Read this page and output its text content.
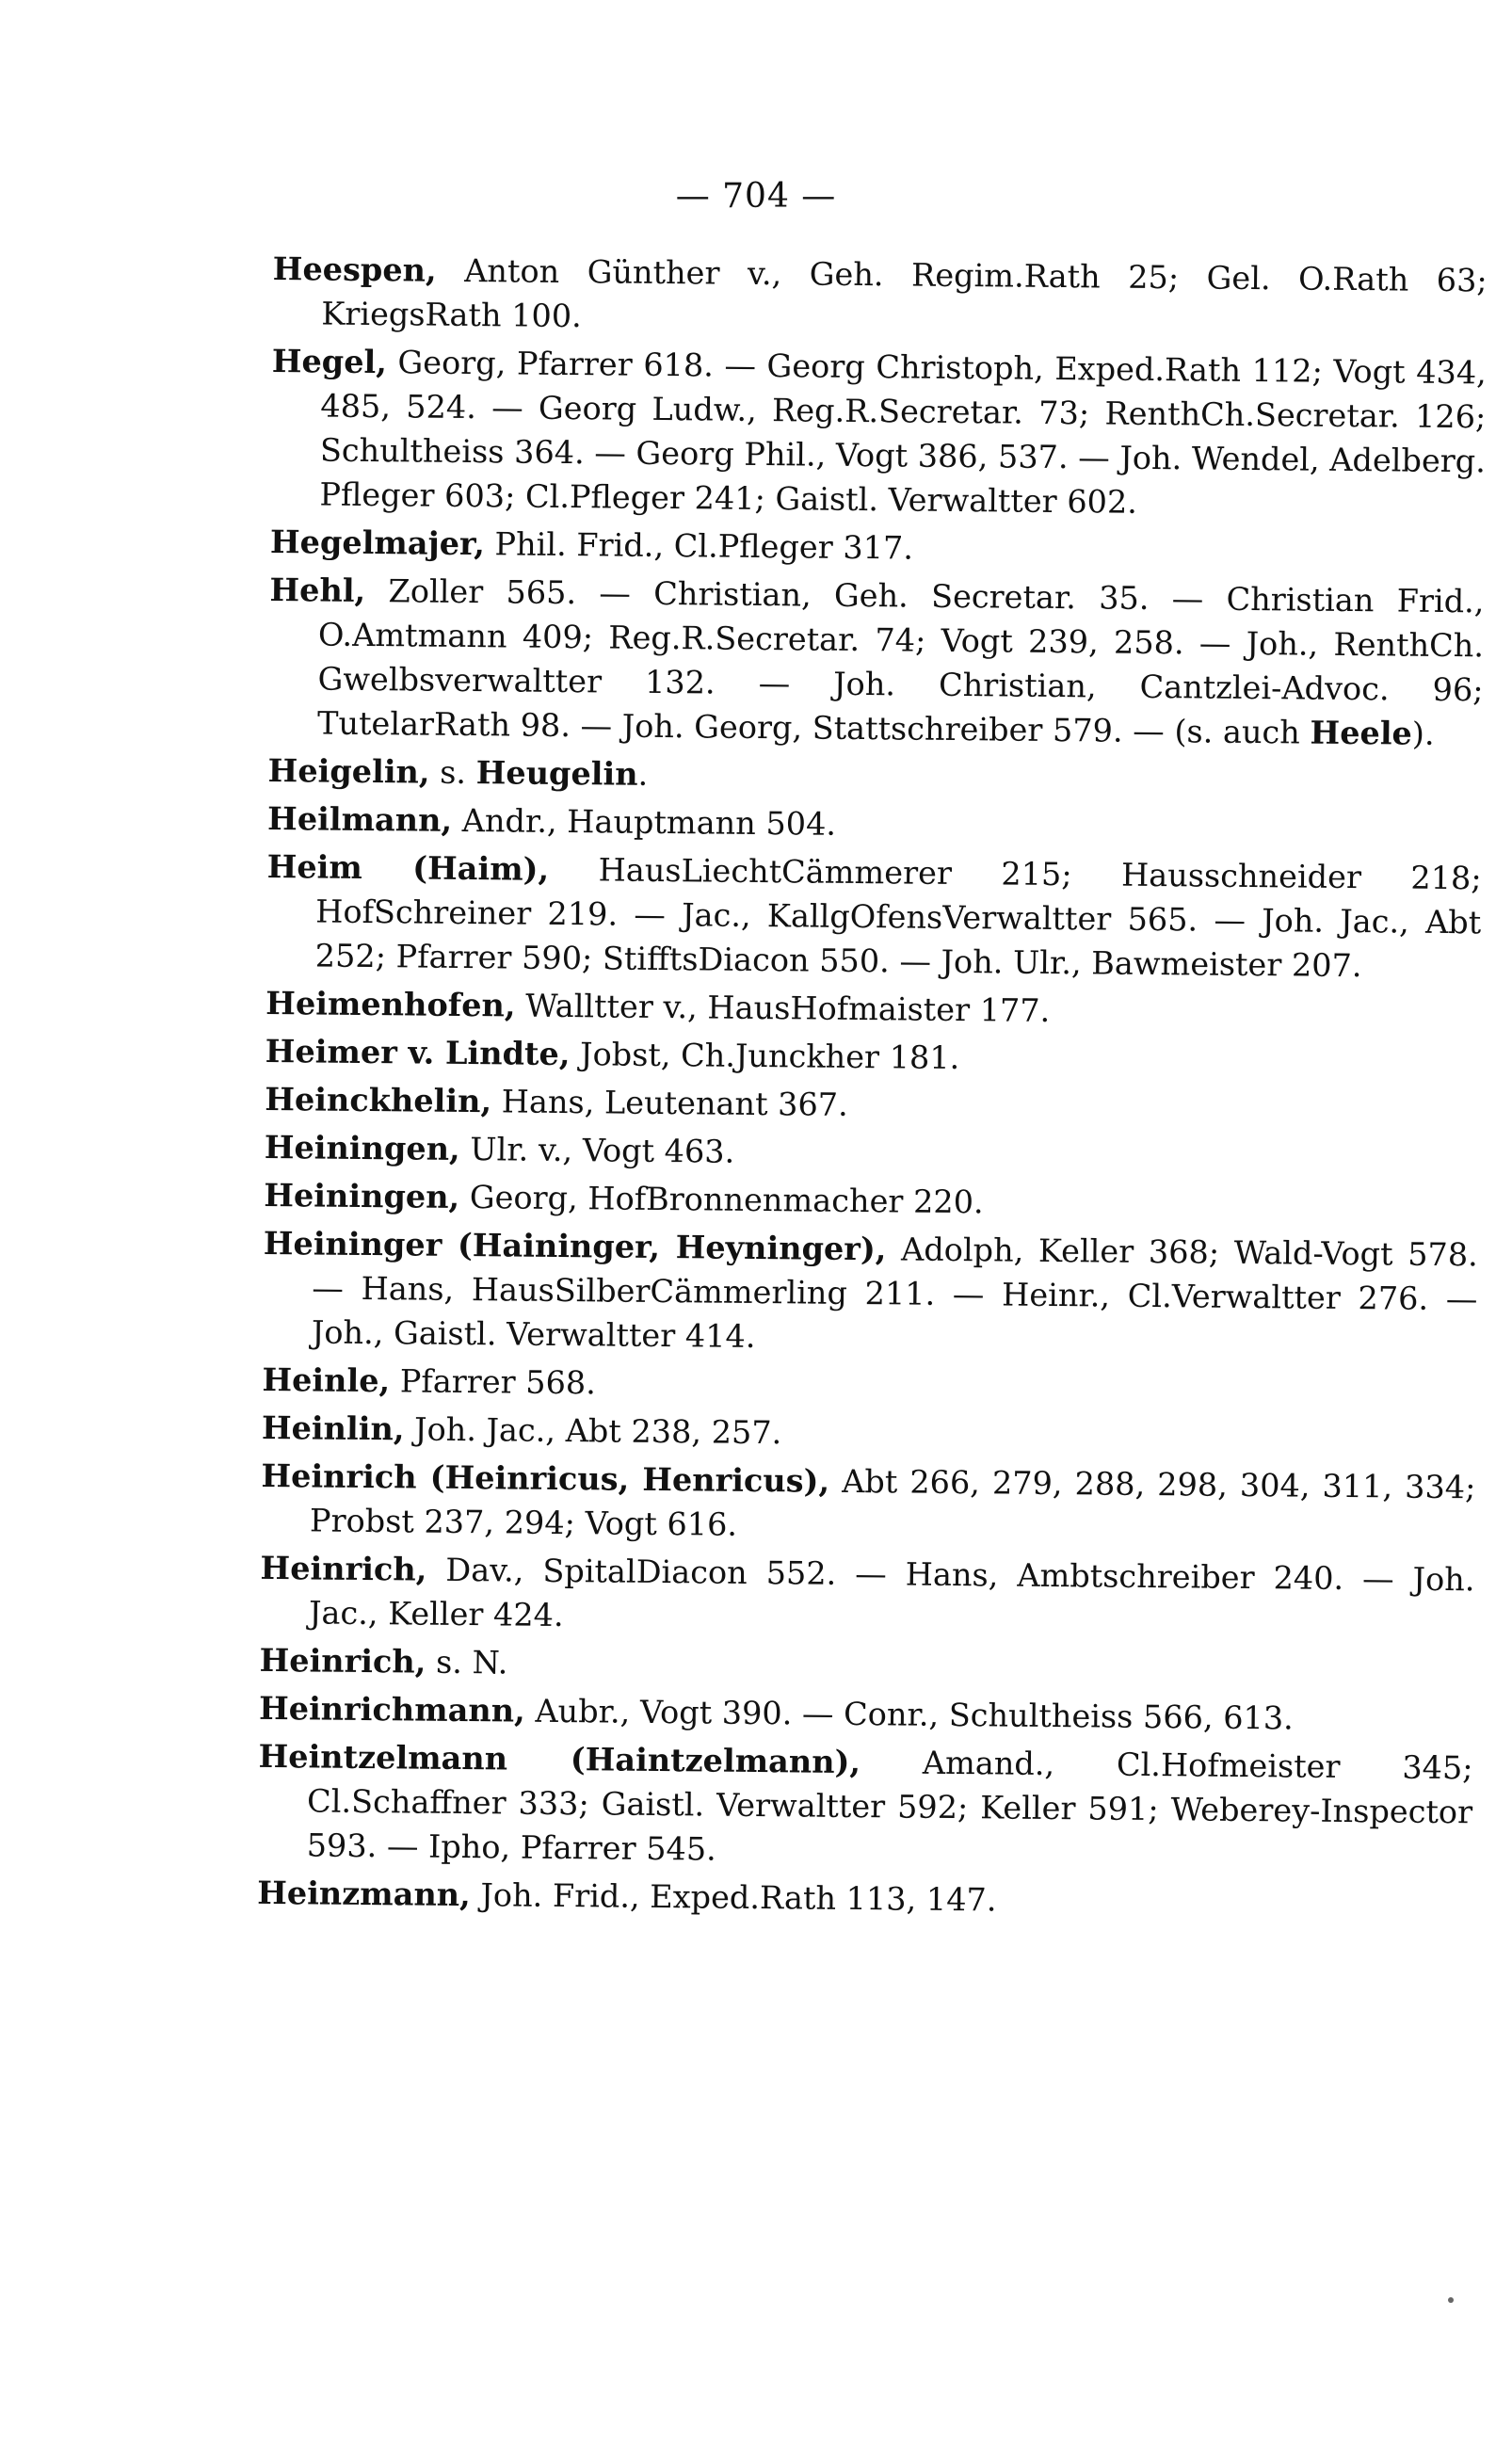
— 704 —

Heespen, Anton Günther v., Geh. Regim.Rath 25; Gel. O.Rath 63; KriegsRath 100.

Hegel, Georg, Pfarrer 618. — Georg Christoph, Exped.Rath 112; Vogt 434, 485, 524. — Georg Ludw., Reg.R.Secretar. 73; RenthCh.Secretar. 126; Schultheiss 364. — Georg Phil., Vogt 386, 537. — Joh. Wendel, Adelberg. Pfleger 603; Cl.Pfleger 241; Gaistl. Verwaltter 602.

Hegelmajer, Phil. Frid., Cl.Pfleger 317.

Hehl, Zoller 565. — Christian, Geh. Secretar. 35. — Christian Frid., O.Amtmann 409; Reg.R.Secretar. 74; Vogt 239, 258. — Joh., RenthCh. Gwelbsverwaltter 132. — Joh. Christian, Cantzlei-Advoc. 96; TutelarRath 98. — Joh. Georg, Stattschreiber 579. — (s. auch Heele).

Heigelin, s. Heugelin.

Heilmann, Andr., Hauptmann 504.

Heim (Haim), HausLiechtCämmerer 215; Hausschneider 218; HofSchreiner 219. — Jac., KallgOfensVerwaltter 565. — Joh. Jac., Abt 252; Pfarrer 590; StifftsDiacon 550. — Joh. Ulr., Bawmeister 207.

Heimenhofen, Walltter v., HausHofmaister 177.

Heimer v. Lindte, Jobst, Ch.Junckher 181.

Heinckhelin, Hans, Leutenant 367.

Heiningen, Ulr. v., Vogt 463.

Heiningen, Georg, HofBronnenmacher 220.

Heininger (Haininger, Heyninger), Adolph, Keller 368; Wald-Vogt 578. — Hans, HausSilberCämmerling 211. — Heinr., Cl.Verwaltter 276. — Joh., Gaistl. Verwaltter 414.

Heinle, Pfarrer 568.

Heinlin, Joh. Jac., Abt 238, 257.

Heinrich (Heinricus, Henricus), Abt 266, 279, 288, 298, 304, 311, 334; Probst 237, 294; Vogt 616.

Heinrich, Dav., SpitalDiacon 552. — Hans, Ambtschreiber 240. — Joh. Jac., Keller 424.

Heinrich, s. N.

Heinrichmann, Aubr., Vogt 390. — Conr., Schultheiss 566, 613.

Heintzelmann (Haintzelmann), Amand., Cl.Hofmeister 345; Cl.Schaffner 333; Gaistl. Verwaltter 592; Keller 591; Weberey-Inspector 593. — Ipho, Pfarrer 545.

Heinzmann, Joh. Frid., Exped.Rath 113, 147.
